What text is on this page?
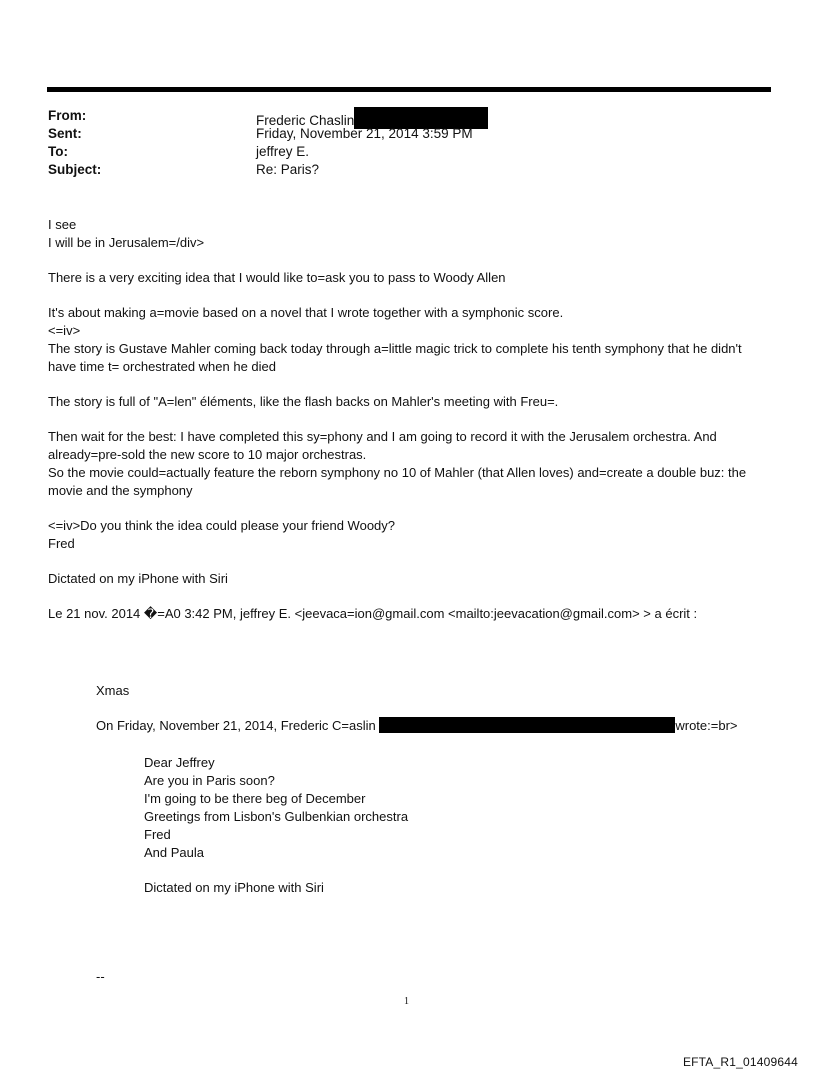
From:	Frederic Chaslin
Sent:	Friday, November 21, 2014 3:59 PM
To:	jeffrey E.
Subject:	Re: Paris?

I see
I will be in Jerusalem=/div>

There is a very exciting idea that I would like to=ask you to pass to Woody Allen

It's about making a=movie based on a novel that I wrote together with a symphonic score.
<=iv>
The story is Gustave Mahler coming back today through a=little magic trick to complete his tenth symphony that he didn't have time t= orchestrated when he died

The story is full of "A=len" éléments, like the flash backs on Mahler's meeting with Freu=.

Then wait for the best: I have completed this sy=phony and I am going to record it with the Jerusalem orchestra. And already=pre-sold the new score to 10 major orchestras.
So the movie could=actually feature the reborn symphony no 10 of Mahler (that Allen loves) and=create a double buz: the movie and the symphony

<=iv>Do you think the idea could please your friend Woody?
Fred

Dictated on my iPhone with Siri

Le 21 nov. 2014 �=A0 3:42 PM, jeffrey E. <jeevaca=ion@gmail.com <mailto:jeevacation@gmail.com> > a écrit :

Xmas

On Friday, November 21, 2014, Frederic C=aslin	wrote:=br>

Dear Jeffrey
Are you in Paris soon?
I'm going to be there beg of December
Greetings from Lisbon's Gulbenkian orchestra
Fred
And Paula
Dictated on my iPhone with Siri
--
1
EFTA_R1_01409644
